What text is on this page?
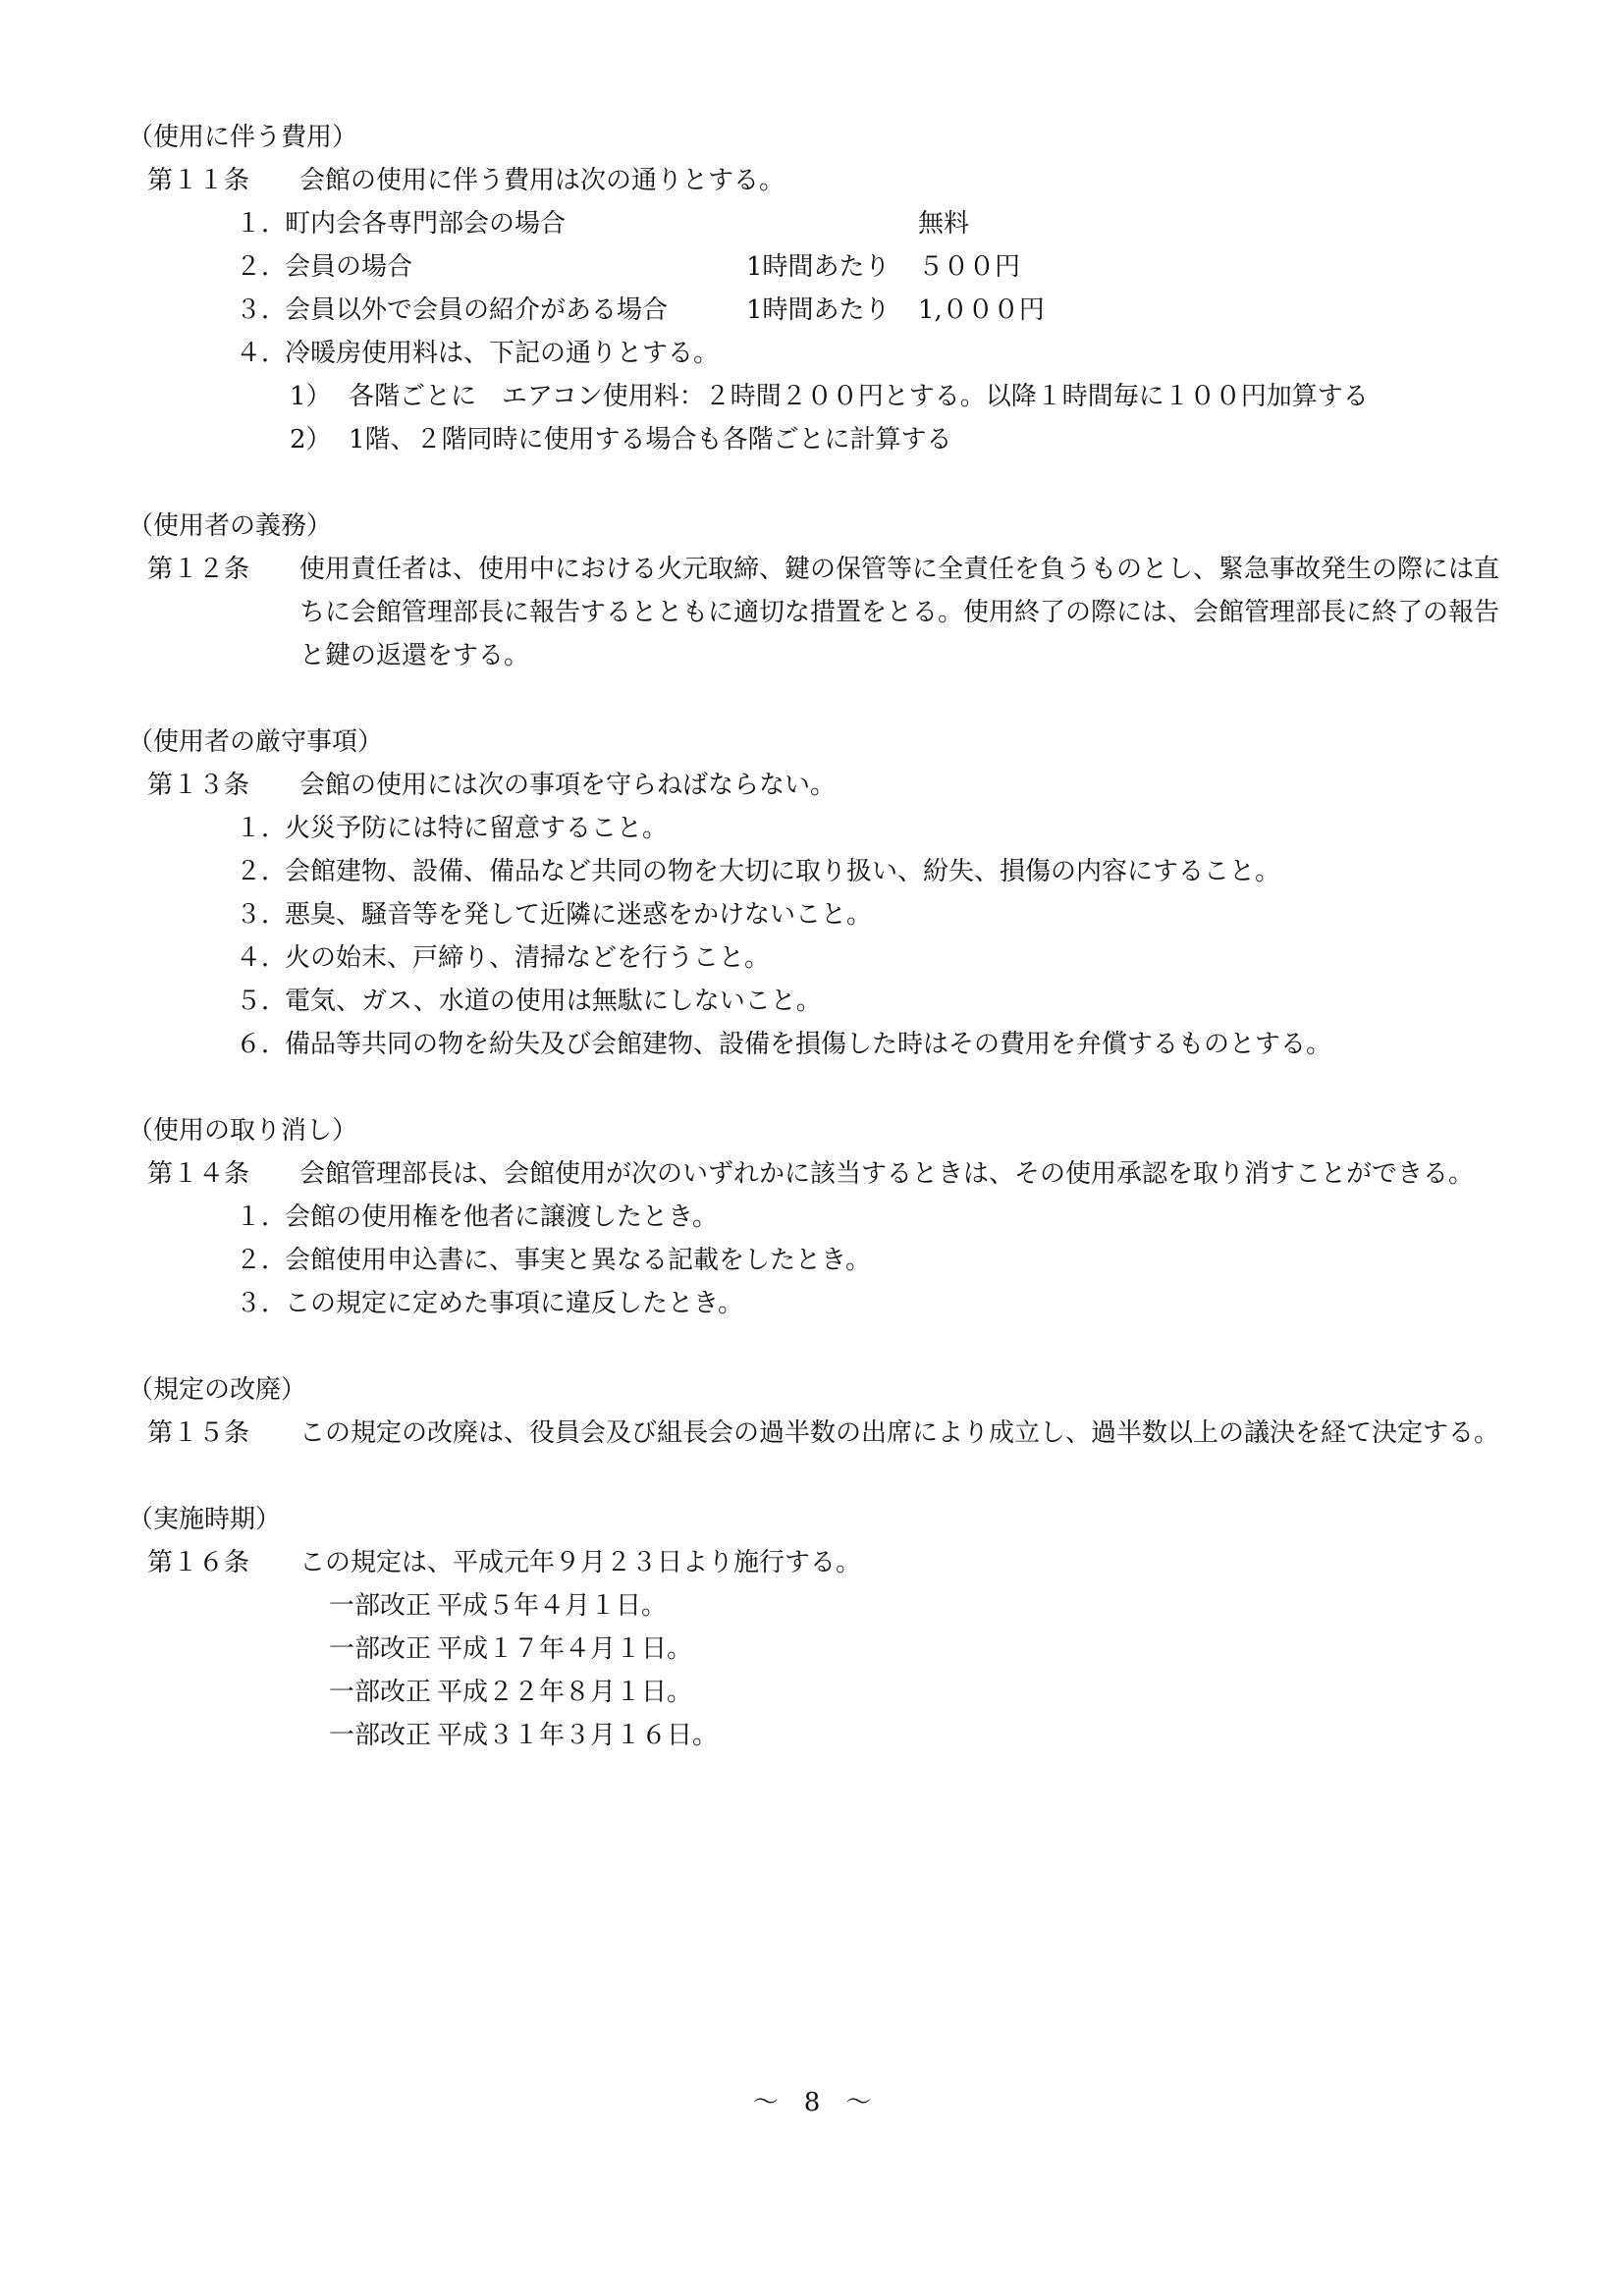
（使用に伴う費用）
第１１条	会館の使用に伴う費用は次の通りとする。
１．
町内会各専門部会の場合	無料
２．
会員の場合	1時間あたり	５００円
３．
会員以外で会員の紹介がある場合	1時間あたり	1,０００円
４．
冷暖房使用料は、下記の通りとする。
1） 各階ごとに　エアコン使用料：２時間２００円とする。以降１時間毎に１００円加算する
2） 1階、２階同時に使用する場合も各階ごとに計算する
（使用者の義務）
第１２条	使用責任者は、使用中における火元取締、鍵の保管等に全責任を負うものとし、緊急事故発生の際には直ちに会館管理部長に報告するとともに適切な措置をとる。使用終了の際には、会館管理部長に終了の報告と鍵の返還をする。
（使用者の厳守事項）
第１３条	会館の使用には次の事項を守らねばならない。
１．
火災予防には特に留意すること。
２．
会館建物、設備、備品など共同の物を大切に取り扱い、紛失、損傷の内容にすること。
３．
悪臭、騒音等を発して近隣に迷惑をかけないこと。
４．
火の始末、戸締り、清掃などを行うこと。
５．
電気、ガス、水道の使用は無駄にしないこと。
６．
備品等共同の物を紛失及び会館建物、設備を損傷した時はその費用を弁償するものとする。
（使用の取り消し）
第１４条	会館管理部長は、会館使用が次のいずれかに該当するときは、その使用承認を取り消すことができる。
１．
会館の使用権を他者に譲渡したとき。
２．
会館使用申込書に、事実と異なる記載をしたとき。
３．
この規定に定めた事項に違反したとき。
（規定の改廃）
第１５条	この規定の改廃は、役員会及び組長会の過半数の出席により成立し、過半数以上の議決を経て決定する。
（実施時期）
第１６条	この規定は、平成元年９月２３日より施行する。
一部改正 平成５年４月１日。
一部改正 平成１７年４月１日。
一部改正 平成２２年８月１日。
一部改正 平成３１年３月１６日。
～　8　～
